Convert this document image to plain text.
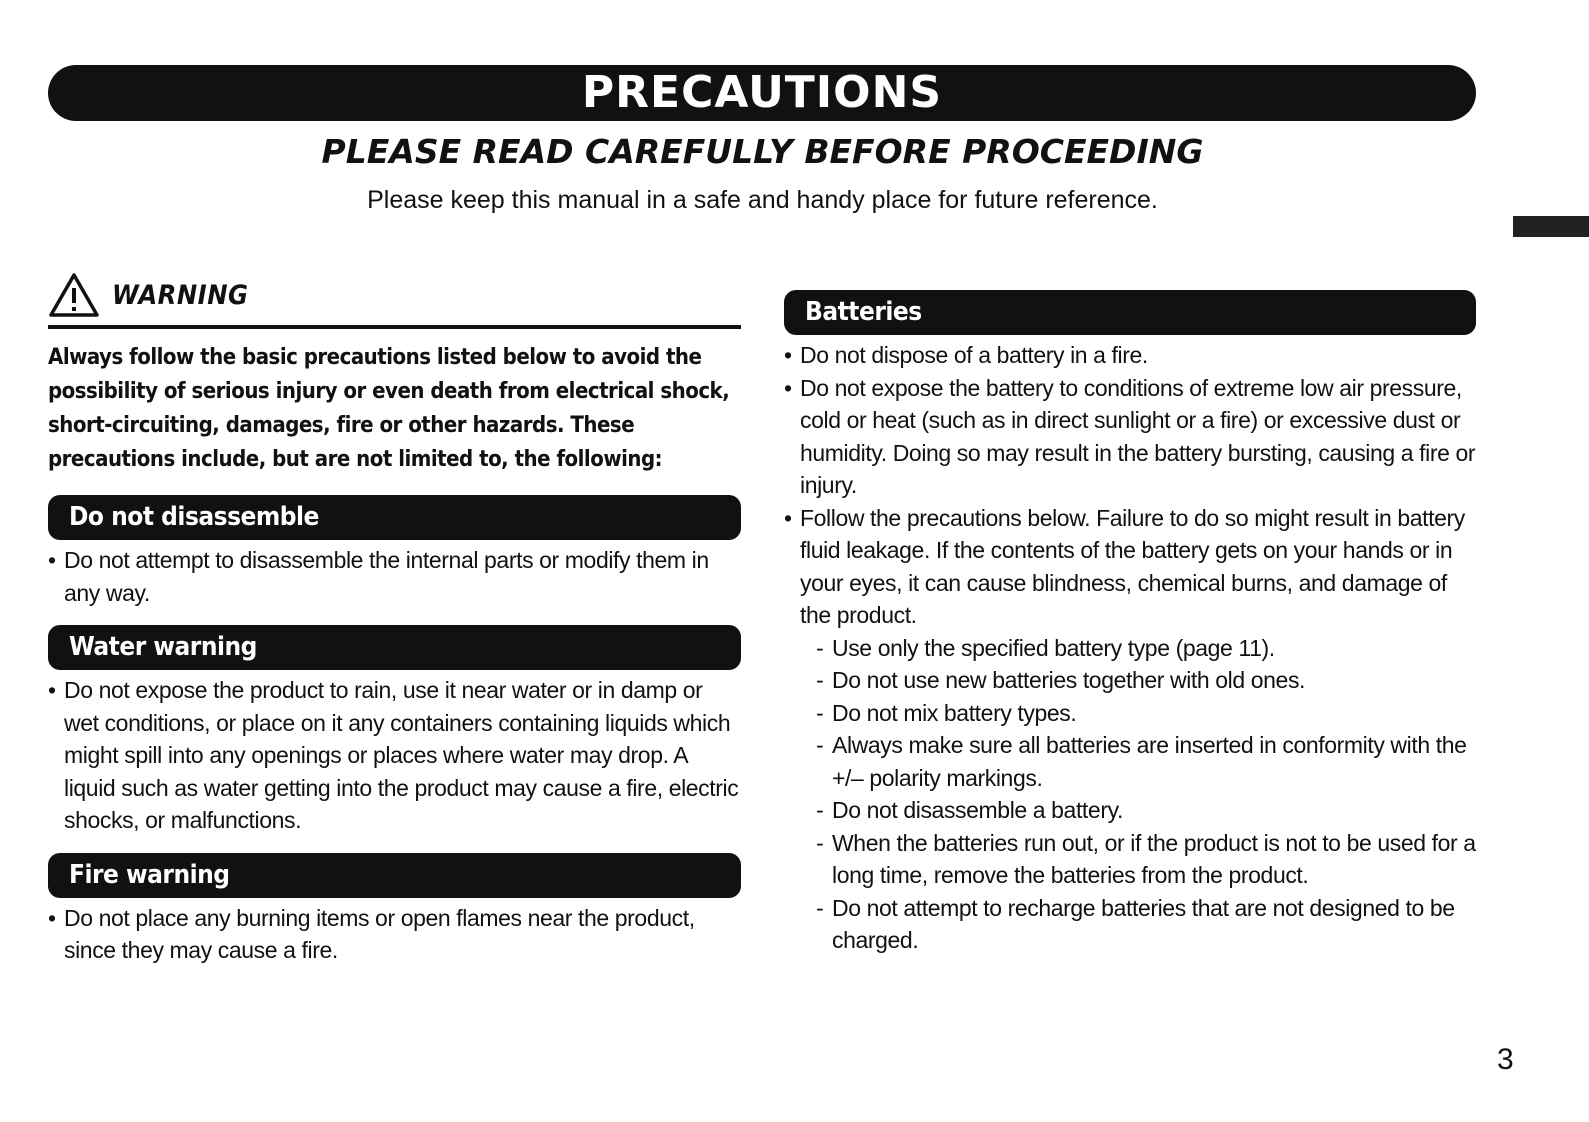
PRECAUTIONS
PLEASE READ CAREFULLY BEFORE PROCEEDING
Please keep this manual in a safe and handy place for future reference.
WARNING

Always follow the basic precautions listed below to avoid the possibility of serious injury or even death from electrical shock, short-circuiting, damages, fire or other hazards. These precautions include, but are not limited to, the following:

Do not disassemble
• Do not attempt to disassemble the internal parts or modify them in any way.
Water warning
• Do not expose the product to rain, use it near water or in damp or wet conditions, or place on it any containers containing liquids which might spill into any openings or places where water may drop. A liquid such as water getting into the product may cause a fire, electric shocks, or malfunctions.
Fire warning
• Do not place any burning items or open flames near the product, since they may cause a fire.
Batteries
• Do not dispose of a battery in a fire.
• Do not expose the battery to conditions of extreme low air pressure, cold or heat (such as in direct sunlight or a fire) or excessive dust or humidity. Doing so may result in the battery bursting, causing a fire or injury.
• Follow the precautions below. Failure to do so might result in battery fluid leakage. If the contents of the battery gets on your hands or in your eyes, it can cause blindness, chemical burns, and damage of the product.
- Use only the specified battery type (page 11).
- Do not use new batteries together with old ones.
- Do not mix battery types.
- Always make sure all batteries are inserted in conformity with the +/– polarity markings.
- Do not disassemble a battery.
- When the batteries run out, or if the product is not to be used for a long time, remove the batteries from the product.
- Do not attempt to recharge batteries that are not designed to be charged.
3
